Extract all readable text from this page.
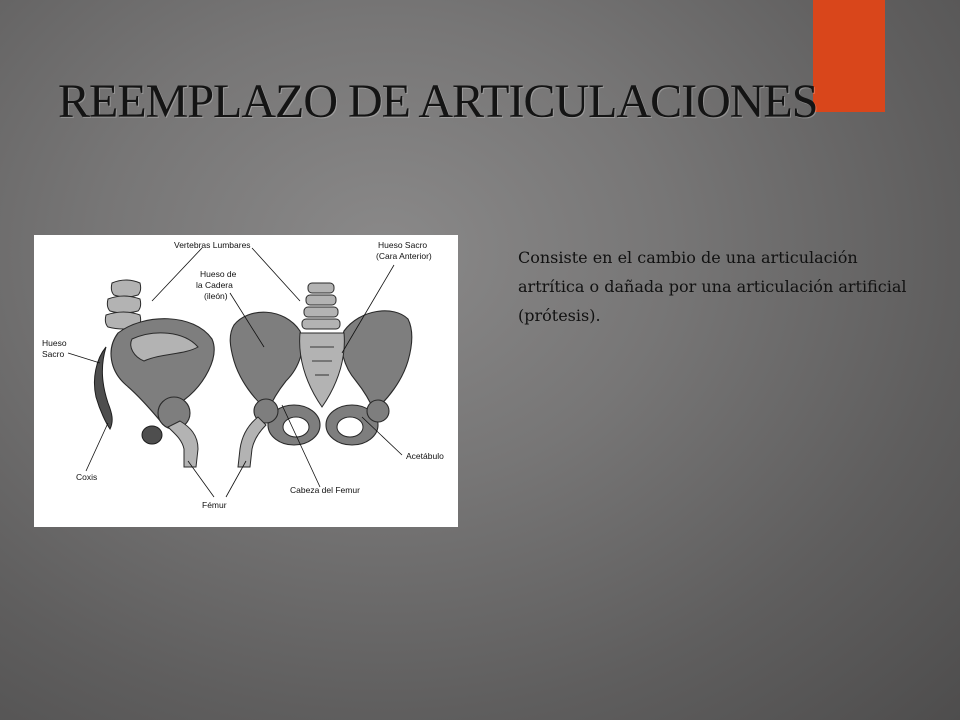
REEMPLAZO DE ARTICULACIONES
Vertebras Lumbares	Hueso Sacro
(Cara Anterior)
Hueso de
la Cadera
(ileón)
Hueso
Sacro
Coxis
Acetábulo
Fémur
Cabeza del Femur

Consiste en el cambio de una articulación artrítica o dañada por una articulación artificial (prótesis).
